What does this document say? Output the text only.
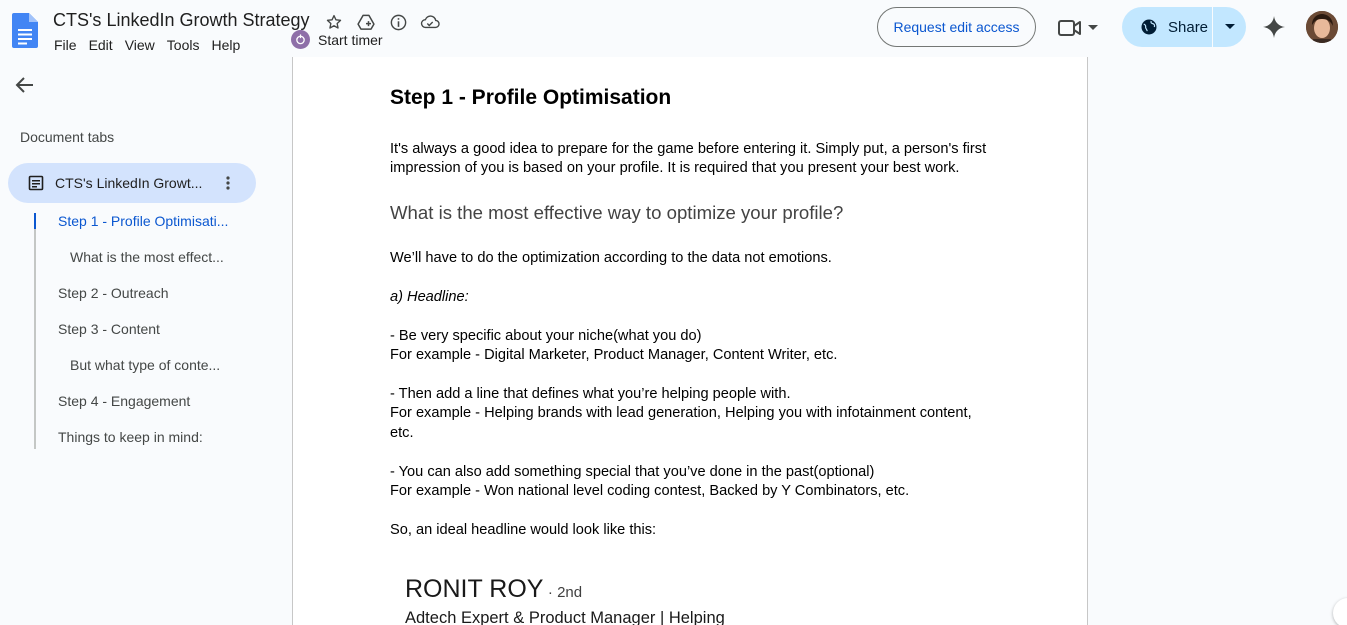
CTS's LinkedIn Growth Strategy
File Edit View Tools Help	Start timer
Request edit access	Share
Document tabs
CTS's LinkedIn Growt...
Step 1 - Profile Optimisati...
What is the most effect...
Step 2 - Outreach
Step 3 - Content
But what type of conte...
Step 4 - Engagement
Things to keep in mind:
Step 1 - Profile Optimisation
It's always a good idea to prepare for the game before entering it. Simply put, a person's first
impression of you is based on your profile. It is required that you present your best work.
What is the most effective way to optimize your profile?
We’ll have to do the optimization according to the data not emotions.
a) Headline:
- Be very specific about your niche(what you do)
For example - Digital Marketer, Product Manager, Content Writer, etc.
- Then add a line that defines what you’re helping people with.
For example - Helping brands with lead generation, Helping you with infotainment content,
etc.
- You can also add something special that you’ve done in the past(optional)
For example - Won national level coding contest, Backed by Y Combinators, etc.
So, an ideal headline would look like this:
RONIT ROY · 2nd
Adtech Expert & Product Manager | Helping
